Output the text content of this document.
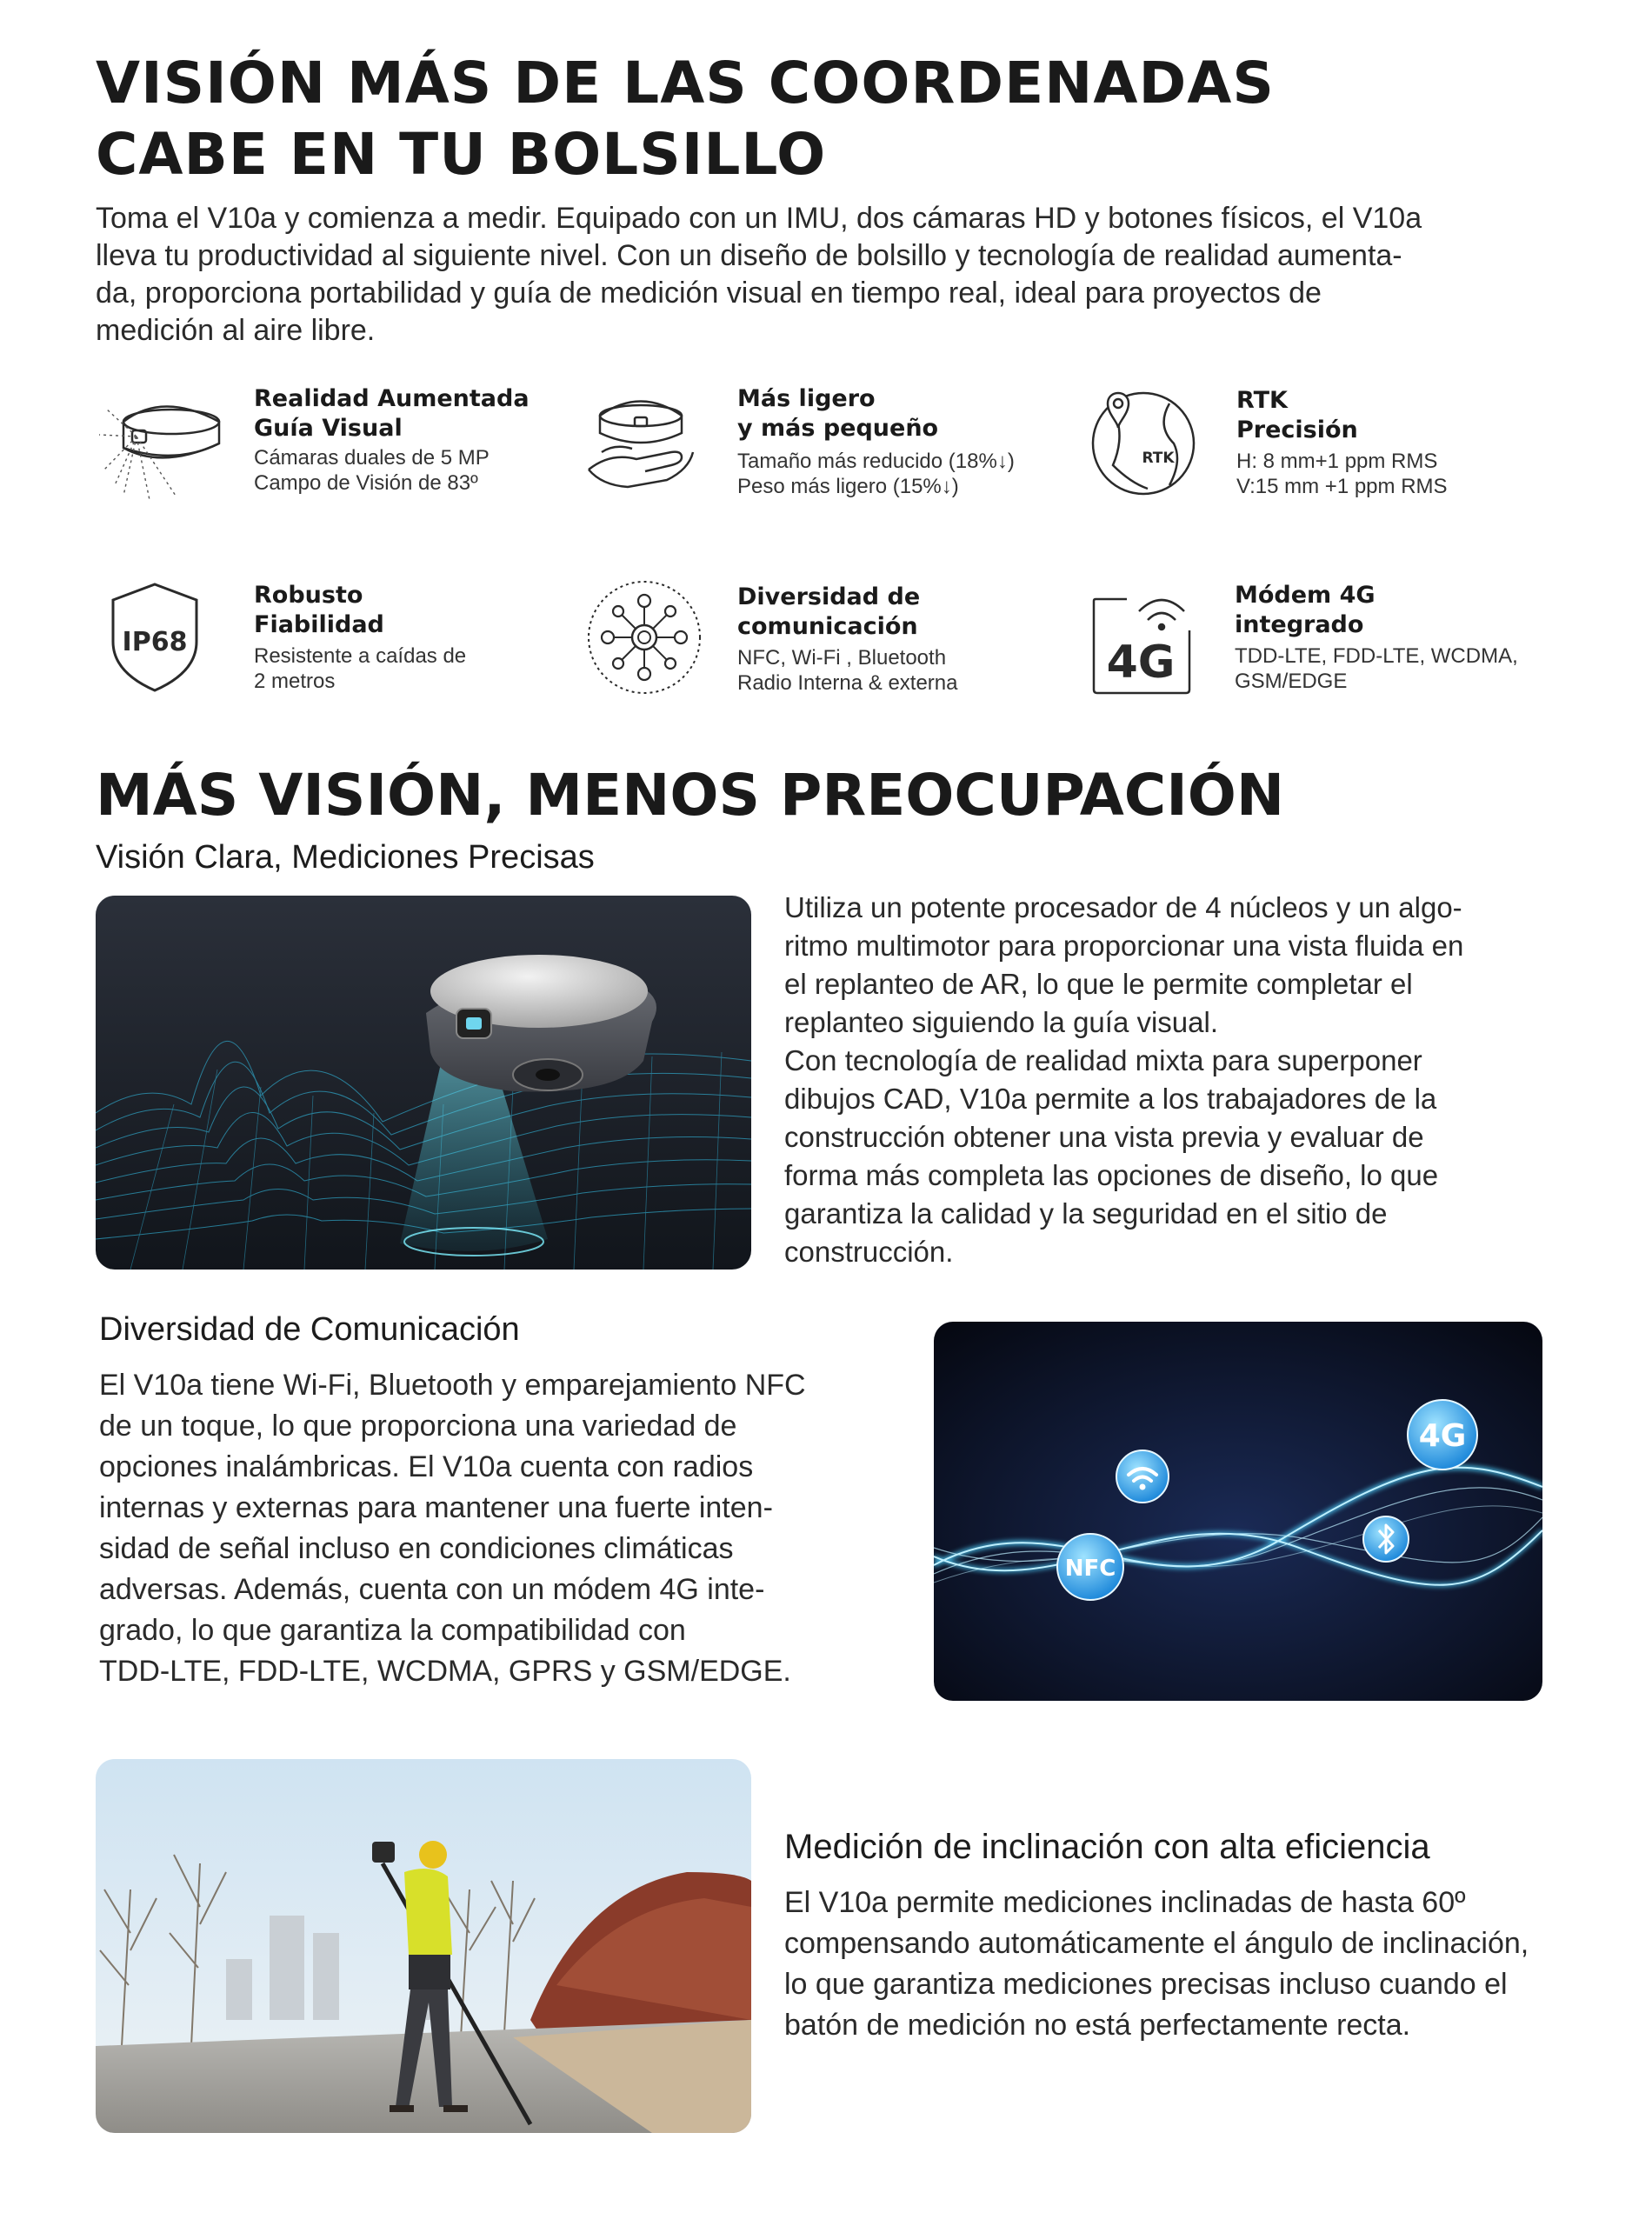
VISIÓN MÁS DE LAS COORDENADAS
CABE EN TU BOLSILLO
Toma el V10a y comienza a medir. Equipado con un IMU, dos cámaras HD y botones físicos, el V10a
lleva tu productividad al siguiente nivel. Con un diseño de bolsillo y tecnología de realidad aumenta-
da, proporciona portabilidad y guía de medición visual en tiempo real, ideal para proyectos de
medición al aire libre.
Realidad Aumentada
Guía Visual
Cámaras duales de 5 MP
Campo de Visión de 83º
Más ligero
y más pequeño
Tamaño más reducido (18%↓)
Peso más ligero (15%↓)
RTK
RTK
Precisión
H: 8 mm+1 ppm RMS
V:15 mm +1 ppm RMS
IP68
Robusto
Fiabilidad
Resistente a caídas de
2 metros
Diversidad de
comunicación
NFC, Wi-Fi , Bluetooth
Radio Interna & externa	4G
Módem 4G
integrado
TDD-LTE, FDD-LTE, WCDMA,
GSM/EDGE
MÁS VISIÓN, MENOS PREOCUPACIÓN
Visión Clara, Mediciones Precisas
Utiliza un potente procesador de 4 núcleos y un algo-
ritmo multimotor para proporcionar una vista fluida en
el replanteo de AR, lo que le permite completar el
replanteo siguiendo la guía visual.
Con tecnología de realidad mixta para superponer
dibujos CAD, V10a permite a los trabajadores de la
construcción obtener una vista previa y evaluar de
forma más completa las opciones de diseño, lo que
garantiza la calidad y la seguridad en el sitio de
construcción.
Diversidad de Comunicación
El V10a tiene Wi-Fi, Bluetooth y emparejamiento NFC
de un toque, lo que proporciona una variedad de
opciones inalámbricas. El V10a cuenta con radios
internas y externas para mantener una fuerte inten-
sidad de señal incluso en condiciones climáticas
adversas. Además, cuenta con un módem 4G inte-
grado, lo que garantiza la compatibilidad con
TDD-LTE, FDD-LTE, WCDMA, GPRS y GSM/EDGE.
NFC
4G
Medición de inclinación con alta eficiencia
El V10a permite mediciones inclinadas de hasta 60º
compensando automáticamente el ángulo de inclinación,
lo que garantiza mediciones precisas incluso cuando el
batón de medición no está perfectamente recta.
